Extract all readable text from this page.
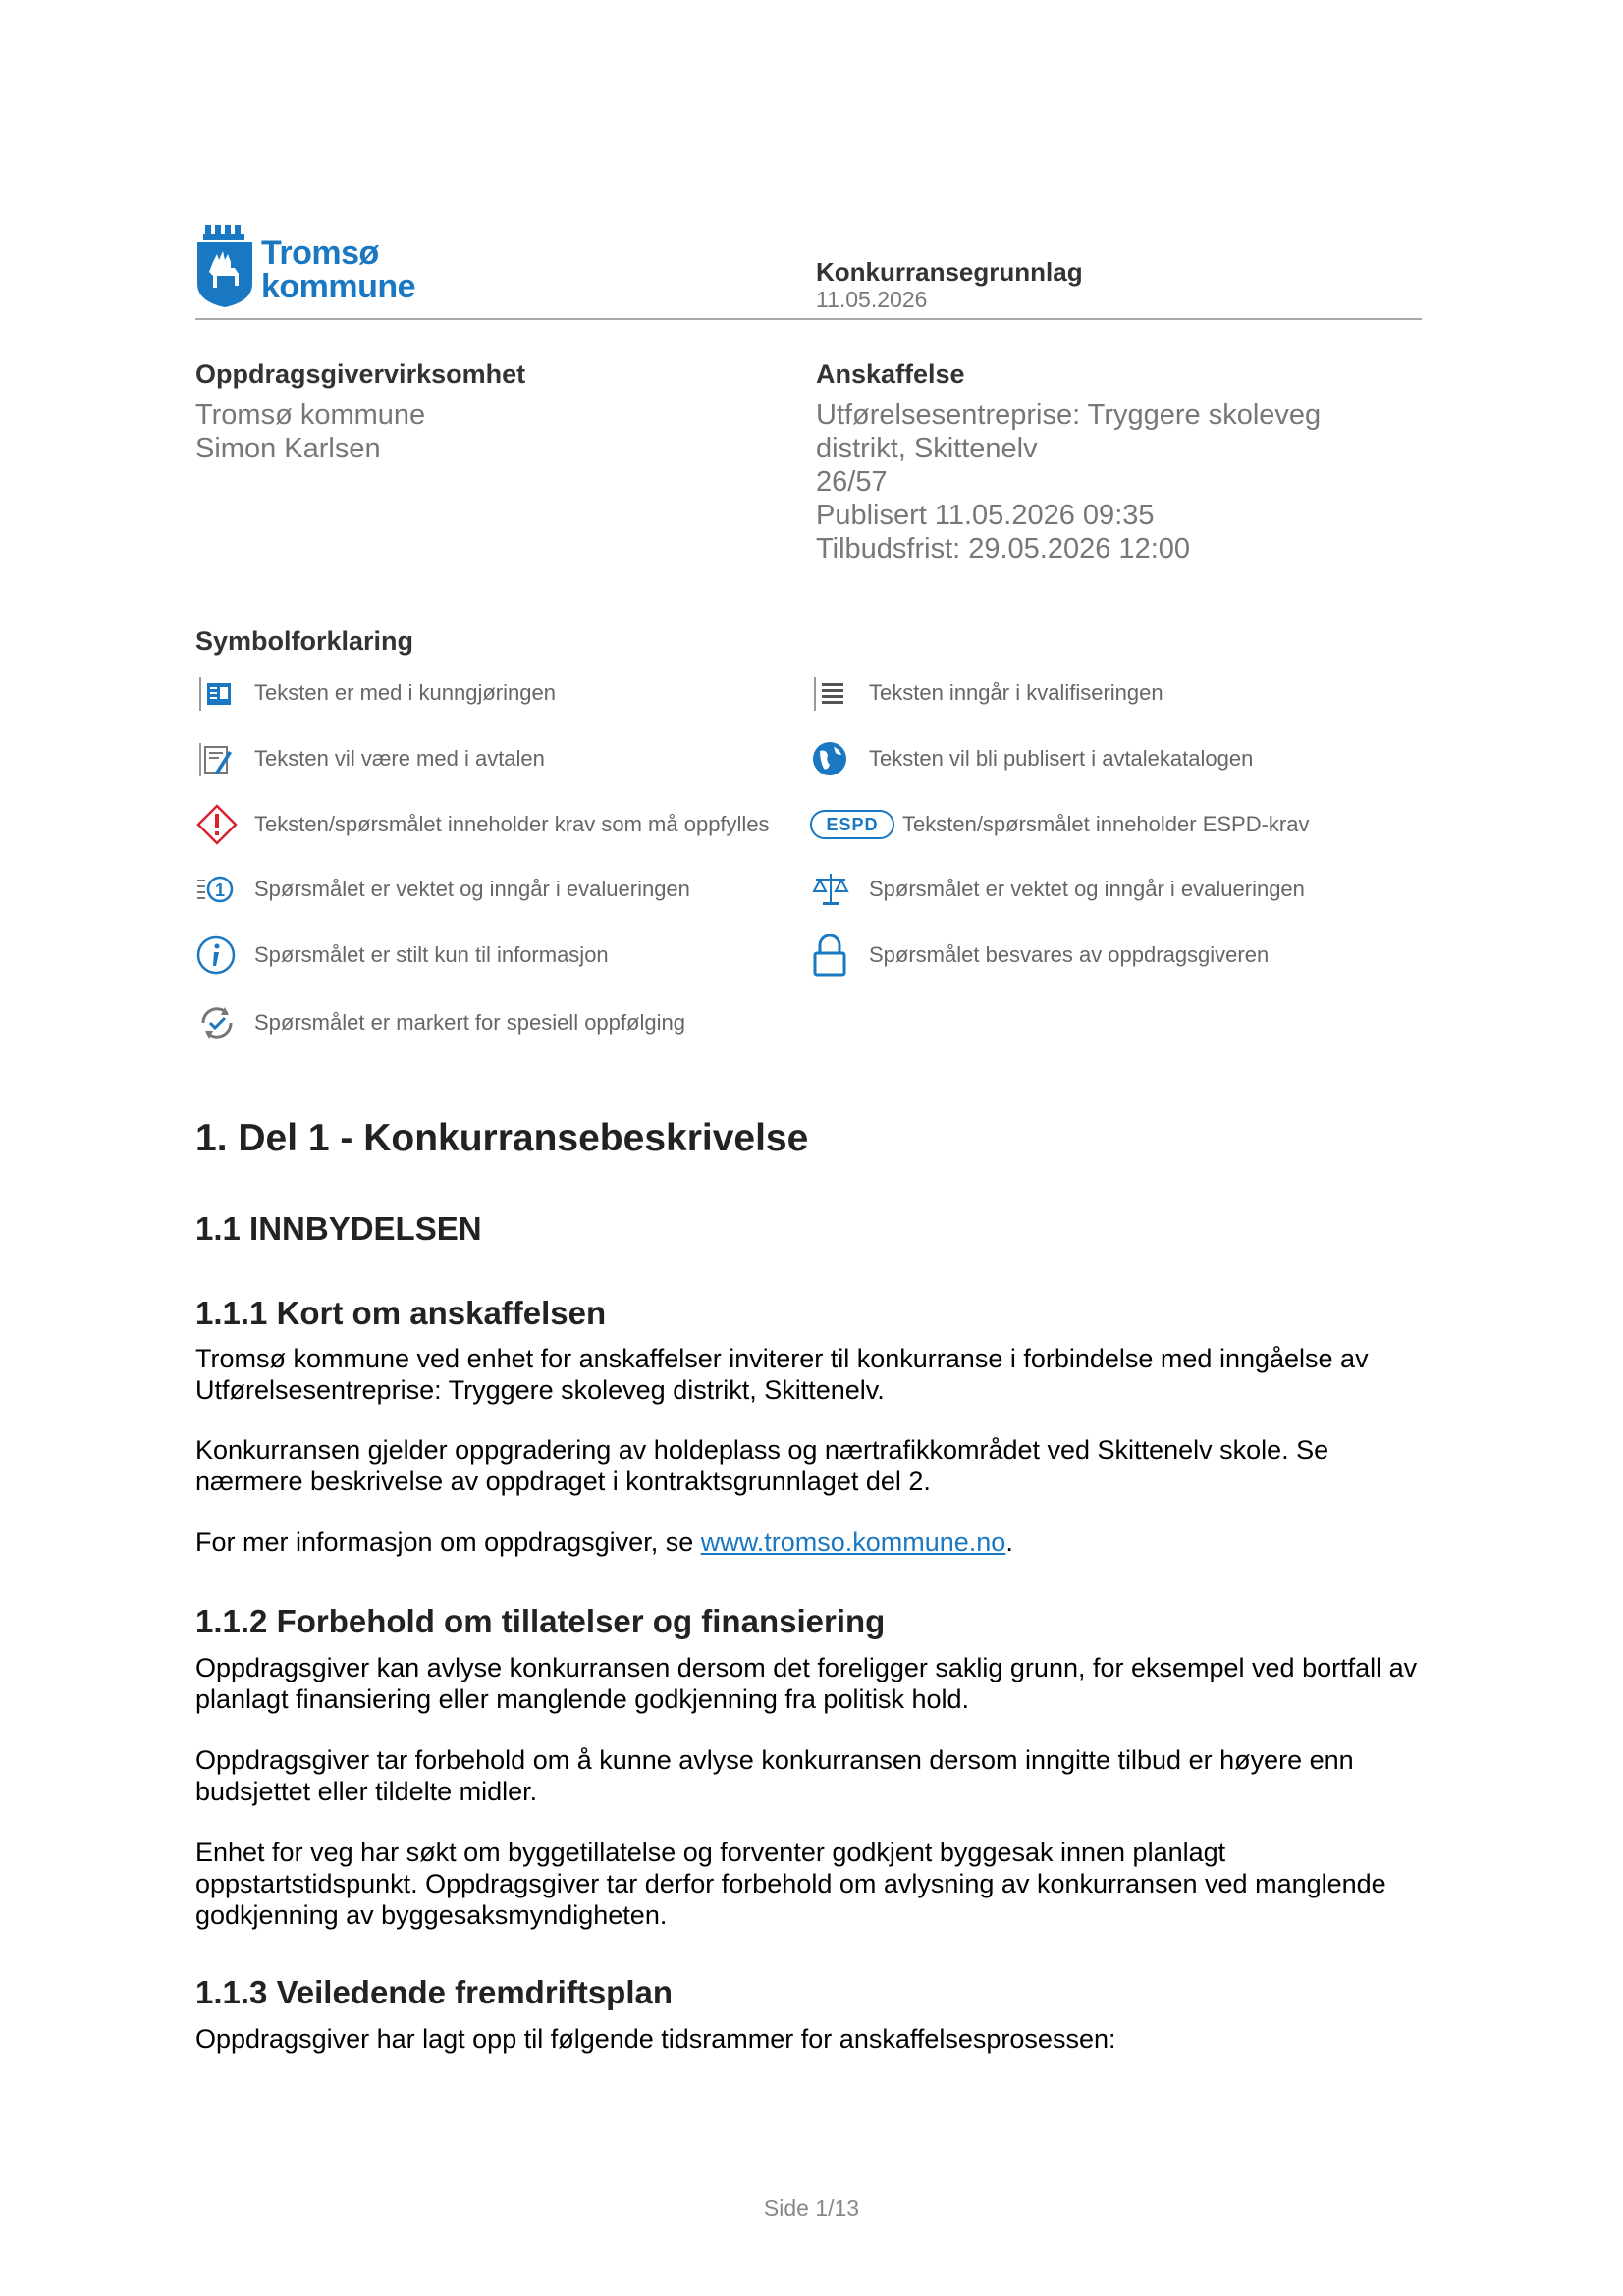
Tromsø
kommune	Konkurransegrunnlag
11.05.2026
Oppdragsgivervirksomhet
Tromsø kommune
Simon Karlsen
Anskaffelse
Utførelsesentreprise: Tryggere skoleveg
distrikt, Skittenelv
26/57
Publisert 11.05.2026 09:35
Tilbudsfrist: 29.05.2026 12:00
Symbolforklaring
Teksten er med i kunngjøringen	Teksten inngår i kvalifiseringen
Teksten vil være med i avtalen	Teksten vil bli publisert i avtalekatalogen
Teksten/spørsmålet inneholder krav som må oppfylles	ESPD	Teksten/spørsmålet inneholder ESPD-krav
1 Spørsmålet er vektet og inngår i evalueringen	Spørsmålet er vektet og inngår i evalueringen
Spørsmålet er stilt kun til informasjon	Spørsmålet besvares av oppdragsgiveren
Spørsmålet er markert for spesiell oppfølging
1. Del 1 - Konkurransebeskrivelse
1.1 INNBYDELSEN
1.1.1 Kort om anskaffelsen
Tromsø kommune ved enhet for anskaffelser inviterer til konkurranse i forbindelse med inngåelse av Utførelsesentreprise: Tryggere skoleveg distrikt, Skittenelv.
Konkurransen gjelder oppgradering av holdeplass og nærtrafikkområdet ved Skittenelv skole. Se nærmere beskrivelse av oppdraget i kontraktsgrunnlaget del 2.
For mer informasjon om oppdragsgiver, se www.tromso.kommune.no.
1.1.2 Forbehold om tillatelser og finansiering
Oppdragsgiver kan avlyse konkurransen dersom det foreligger saklig grunn, for eksempel ved bortfall av planlagt finansiering eller manglende godkjenning fra politisk hold.
Oppdragsgiver tar forbehold om å kunne avlyse konkurransen dersom inngitte tilbud er høyere enn budsjettet eller tildelte midler.
Enhet for veg har søkt om byggetillatelse og forventer godkjent byggesak innen planlagt oppstartstidspunkt. Oppdragsgiver tar derfor forbehold om avlysning av konkurransen ved manglende godkjenning av byggesaksmyndigheten.
1.1.3 Veiledende fremdriftsplan
Oppdragsgiver har lagt opp til følgende tidsrammer for anskaffelsesprosessen:
Side 1/13
